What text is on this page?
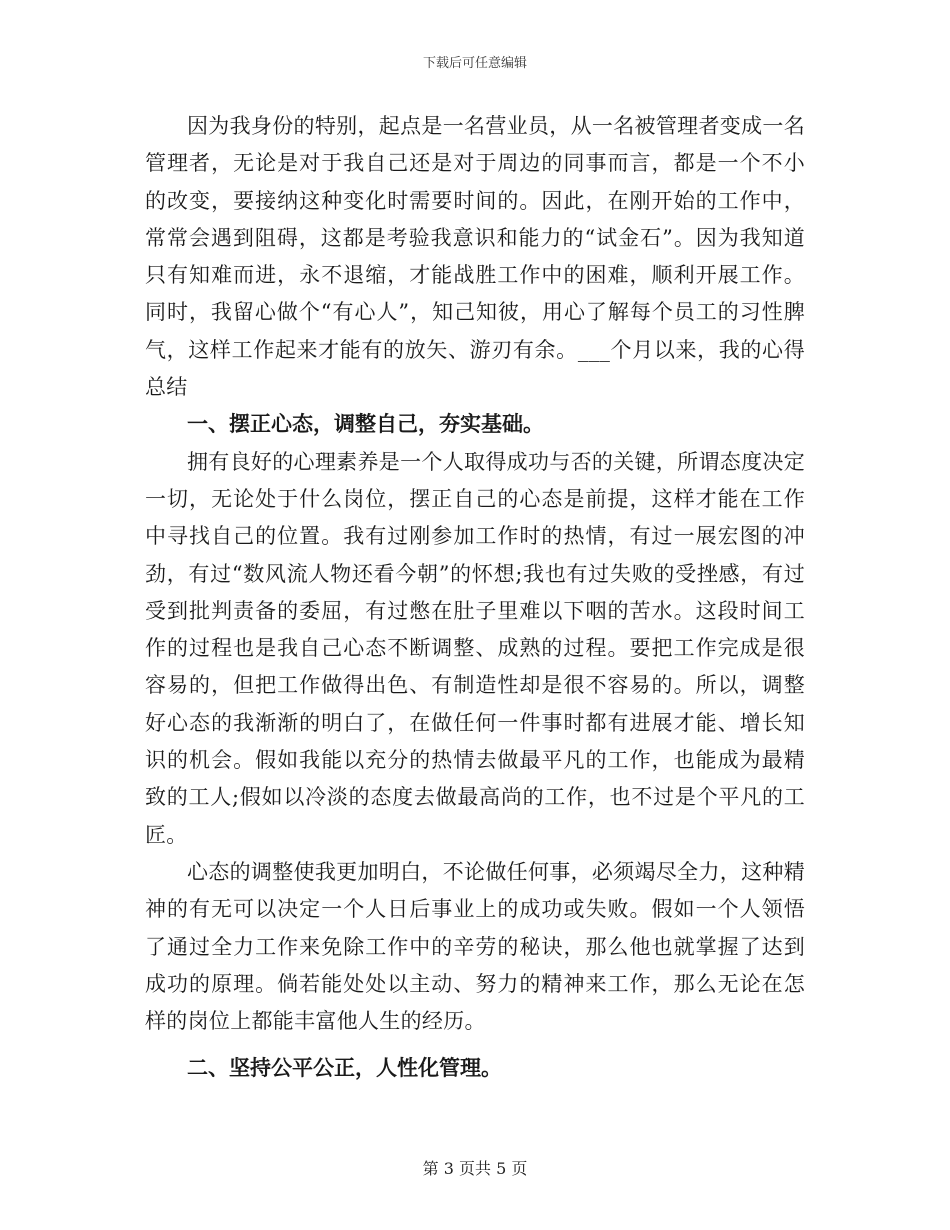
下载后可任意编辑

因为我身份的特别，起点是一名营业员，从一名被管理者变成一名管理者，无论是对于我自己还是对于周边的同事而言，都是一个不小的改变，要接纳这种变化时需要时间的。因此，在刚开始的工作中，常常会遇到阻碍，这都是考验我意识和能力的“试金石”。因为我知道只有知难而进，永不退缩，才能战胜工作中的困难，顺利开展工作。同时，我留心做个“有心人”，知己知彼，用心了解每个员工的习性脾气，这样工作起来才能有的放矢、游刃有余。___个月以来，我的心得总结

一、摆正心态，调整自己，夯实基础。

拥有良好的心理素养是一个人取得成功与否的关键，所谓态度决定一切，无论处于什么岗位，摆正自己的心态是前提，这样才能在工作中寻找自己的位置。我有过刚参加工作时的热情，有过一展宏图的冲劲，有过“数风流人物还看今朝”的怀想;我也有过失败的受挫感，有过受到批判责备的委屈，有过憋在肚子里难以下咽的苦水。这段时间工作的过程也是我自己心态不断调整、成熟的过程。要把工作完成是很容易的，但把工作做得出色、有制造性却是很不容易的。所以，调整好心态的我渐渐的明白了，在做任何一件事时都有进展才能、增长知识的机会。假如我能以充分的热情去做最平凡的工作，也能成为最精致的工人;假如以冷淡的态度去做最高尚的工作，也不过是个平凡的工匠。

心态的调整使我更加明白，不论做任何事，必须竭尽全力，这种精神的有无可以决定一个人日后事业上的成功或失败。假如一个人领悟了通过全力工作来免除工作中的辛劳的秘诀，那么他也就掌握了达到成功的原理。倘若能处处以主动、努力的精神来工作，那么无论在怎样的岗位上都能丰富他人生的经历。

二、坚持公平公正，人性化管理。

第 3 页共 5 页
